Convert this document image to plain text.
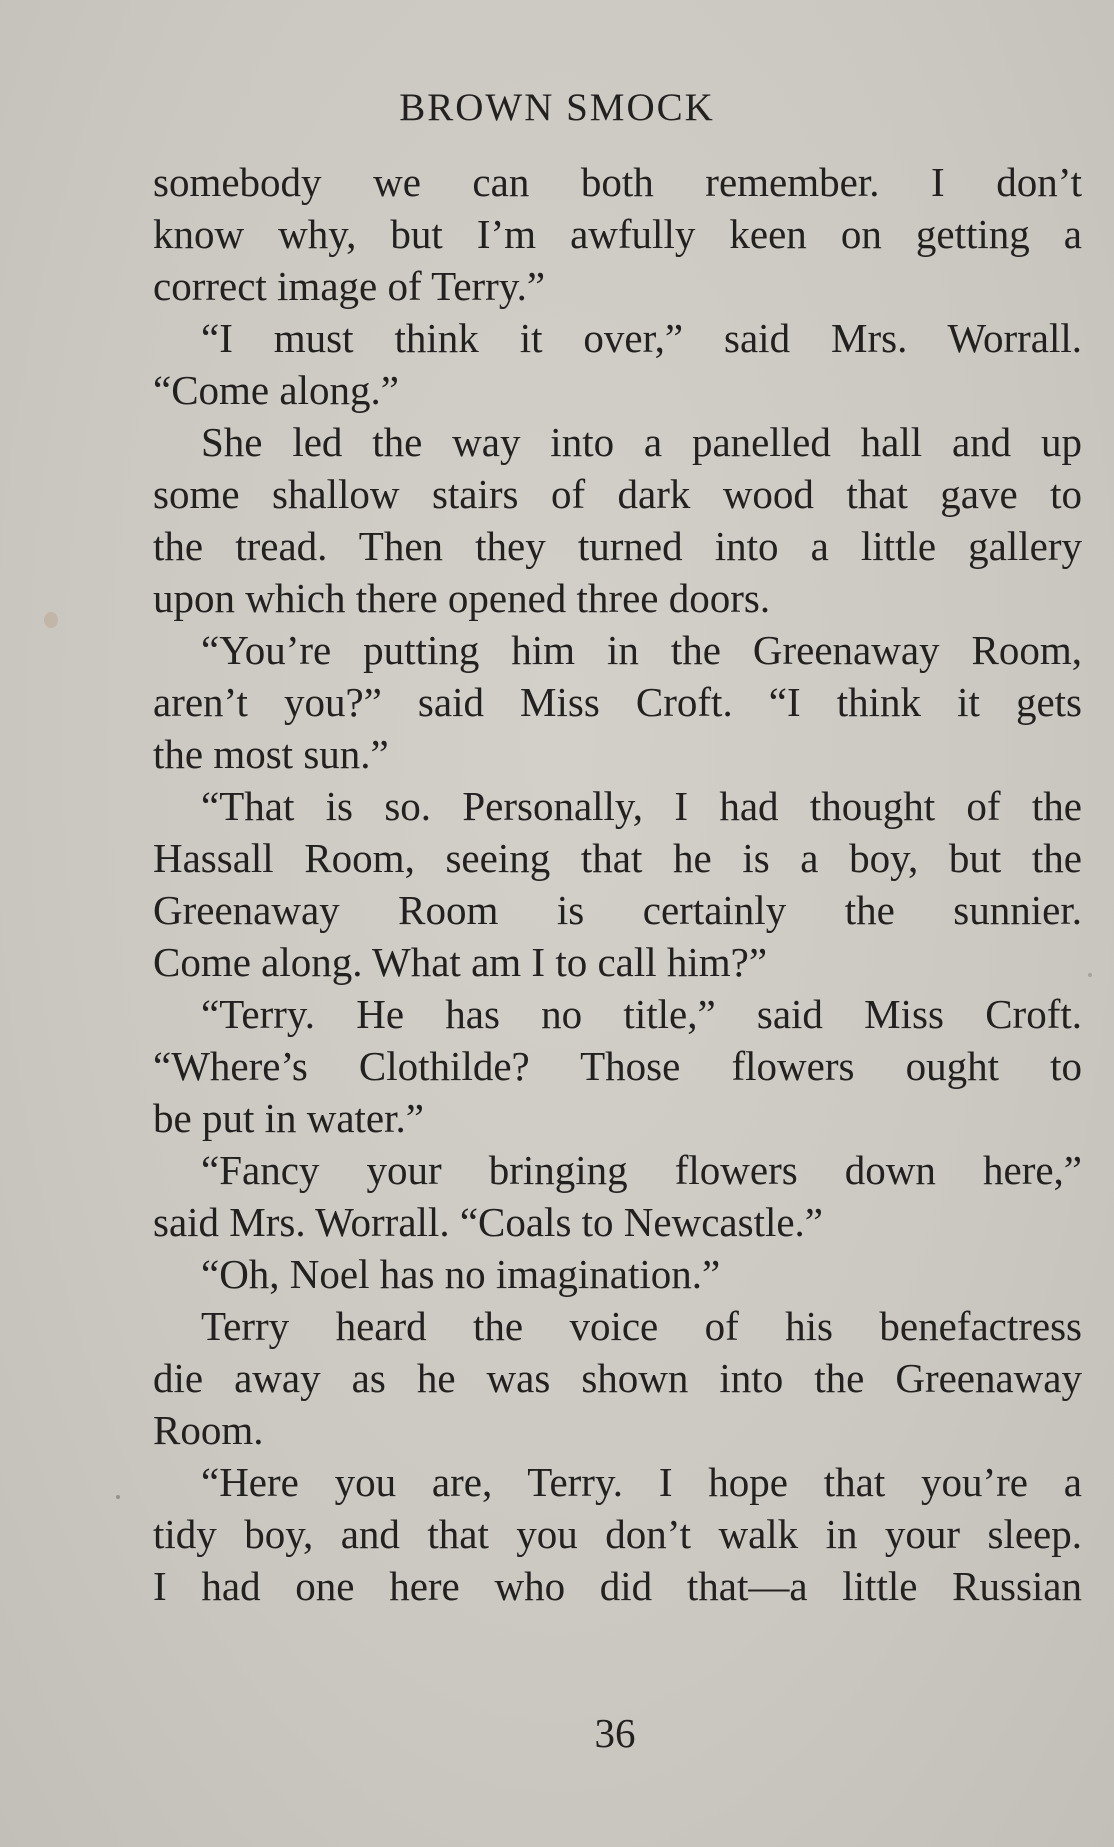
BROWN SMOCK
somebody we can both remember. I don’t
know why, but I’m awfully keen on getting a
correct image of Terry.”
“I must think it over,” said Mrs. Worrall.
“Come along.”
She led the way into a panelled hall and up
some shallow stairs of dark wood that gave to
the tread. Then they turned into a little gallery
upon which there opened three doors.
“You’re putting him in the Greenaway Room,
aren’t you?” said Miss Croft. “I think it gets
the most sun.”
“That is so. Personally, I had thought of the
Hassall Room, seeing that he is a boy, but the
Greenaway Room is certainly the sunnier.
Come along. What am I to call him?”
“Terry. He has no title,” said Miss Croft.
“Where’s Clothilde? Those flowers ought to
be put in water.”
“Fancy your bringing flowers down here,”
said Mrs. Worrall. “Coals to Newcastle.”
“Oh, Noel has no imagination.”
Terry heard the voice of his benefactress
die away as he was shown into the Greenaway
Room.
“Here you are, Terry. I hope that you’re a
tidy boy, and that you don’t walk in your sleep.
I had one here who did that—a little Russian
36
